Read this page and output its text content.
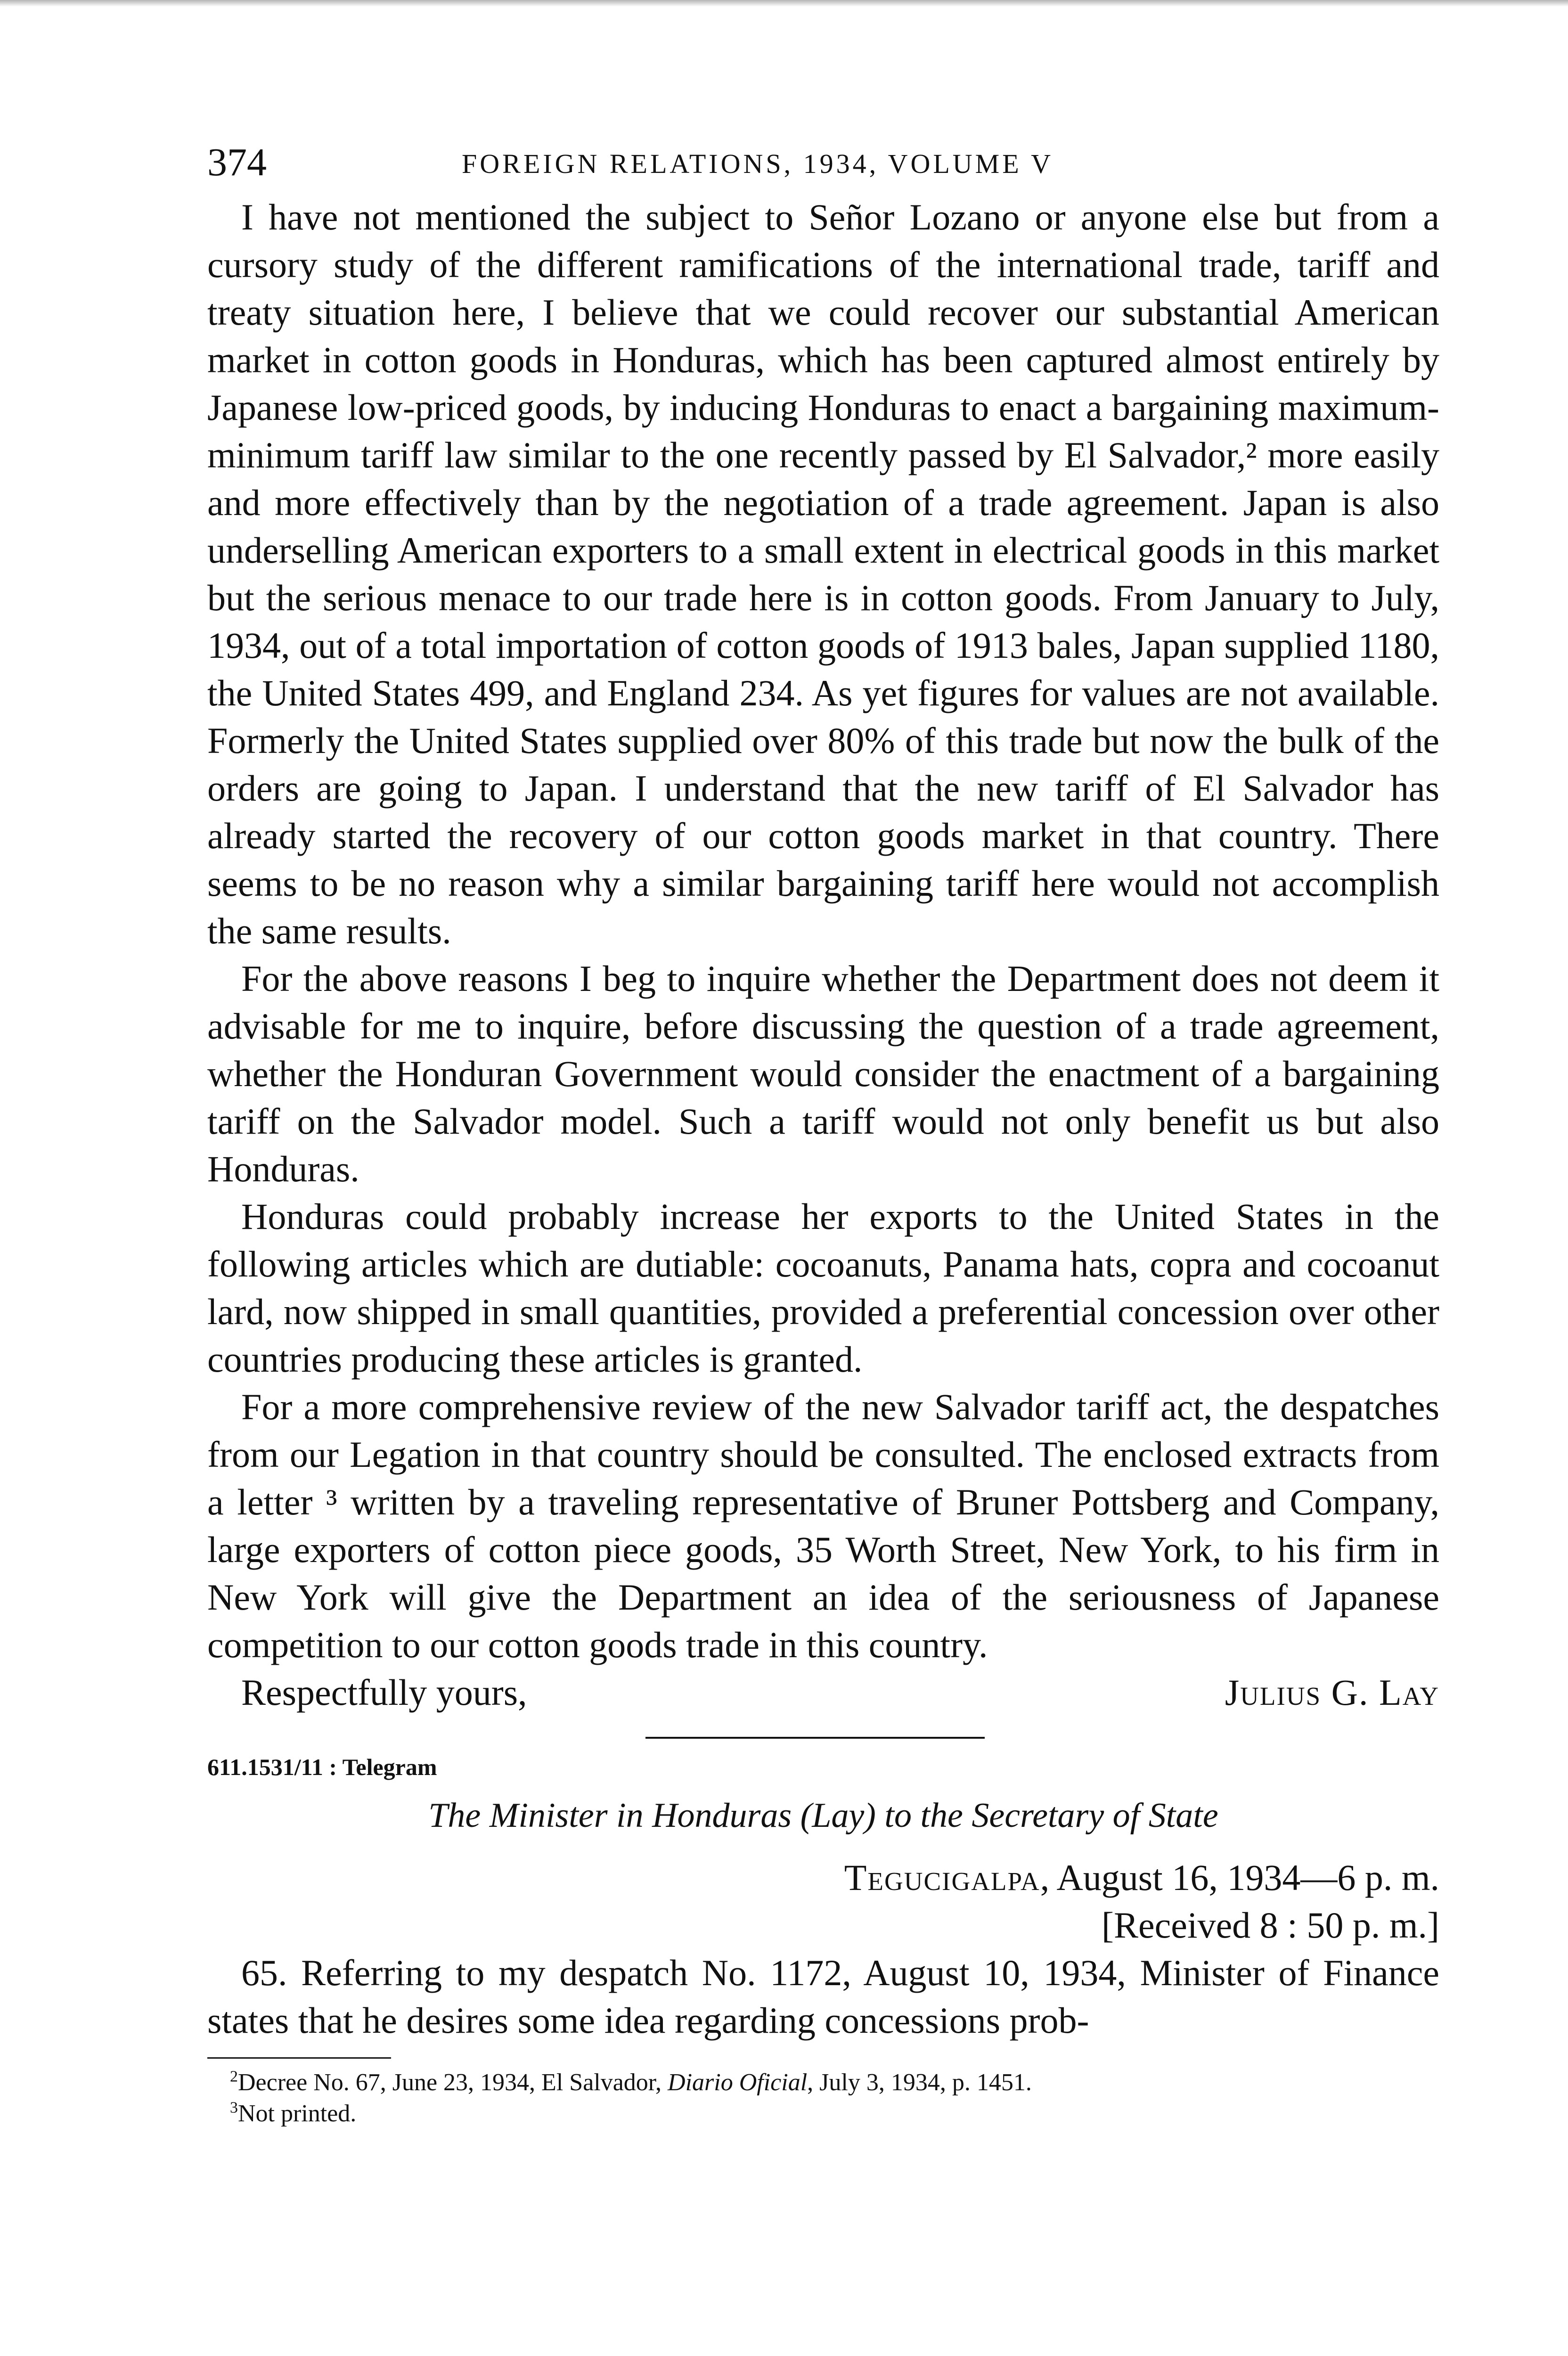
374	FOREIGN RELATIONS, 1934, VOLUME V

I have not mentioned the subject to Señor Lozano or anyone else but from a cursory study of the different ramifications of the international trade, tariff and treaty situation here, I believe that we could recover our substantial American market in cotton goods in Honduras, which has been captured almost entirely by Japanese low-priced goods, by inducing Honduras to enact a bargaining maximum-minimum tariff law similar to the one recently passed by El Salvador,² more easily and more effectively than by the negotiation of a trade agreement. Japan is also underselling American exporters to a small extent in electrical goods in this market but the serious menace to our trade here is in cotton goods. From January to July, 1934, out of a total importation of cotton goods of 1913 bales, Japan supplied 1180, the United States 499, and England 234. As yet figures for values are not available. Formerly the United States supplied over 80% of this trade but now the bulk of the orders are going to Japan. I understand that the new tariff of El Salvador has already started the recovery of our cotton goods market in that country. There seems to be no reason why a similar bargaining tariff here would not accomplish the same results.

For the above reasons I beg to inquire whether the Department does not deem it advisable for me to inquire, before discussing the question of a trade agreement, whether the Honduran Government would consider the enactment of a bargaining tariff on the Salvador model. Such a tariff would not only benefit us but also Honduras.

Honduras could probably increase her exports to the United States in the following articles which are dutiable: cocoanuts, Panama hats, copra and cocoanut lard, now shipped in small quantities, provided a preferential concession over other countries producing these articles is granted.

For a more comprehensive review of the new Salvador tariff act, the despatches from our Legation in that country should be consulted. The enclosed extracts from a letter ³ written by a traveling representative of Bruner Pottsberg and Company, large exporters of cotton piece goods, 35 Worth Street, New York, to his firm in New York will give the Department an idea of the seriousness of Japanese competition to our cotton goods trade in this country.

Respectfully yours,	Julius G. Lay
611.1531/11 : Telegram
The Minister in Honduras (Lay) to the Secretary of State
Tegucigalpa, August 16, 1934—6 p. m.
[Received 8 : 50 p. m.]

65. Referring to my despatch No. 1172, August 10, 1934, Minister of Finance states that he desires some idea regarding concessions prob-

$^2$Decree No. 67, June 23, 1934, El Salvador, Diario Oficial, July 3, 1934, p. 1451.
$^3$Not printed.
